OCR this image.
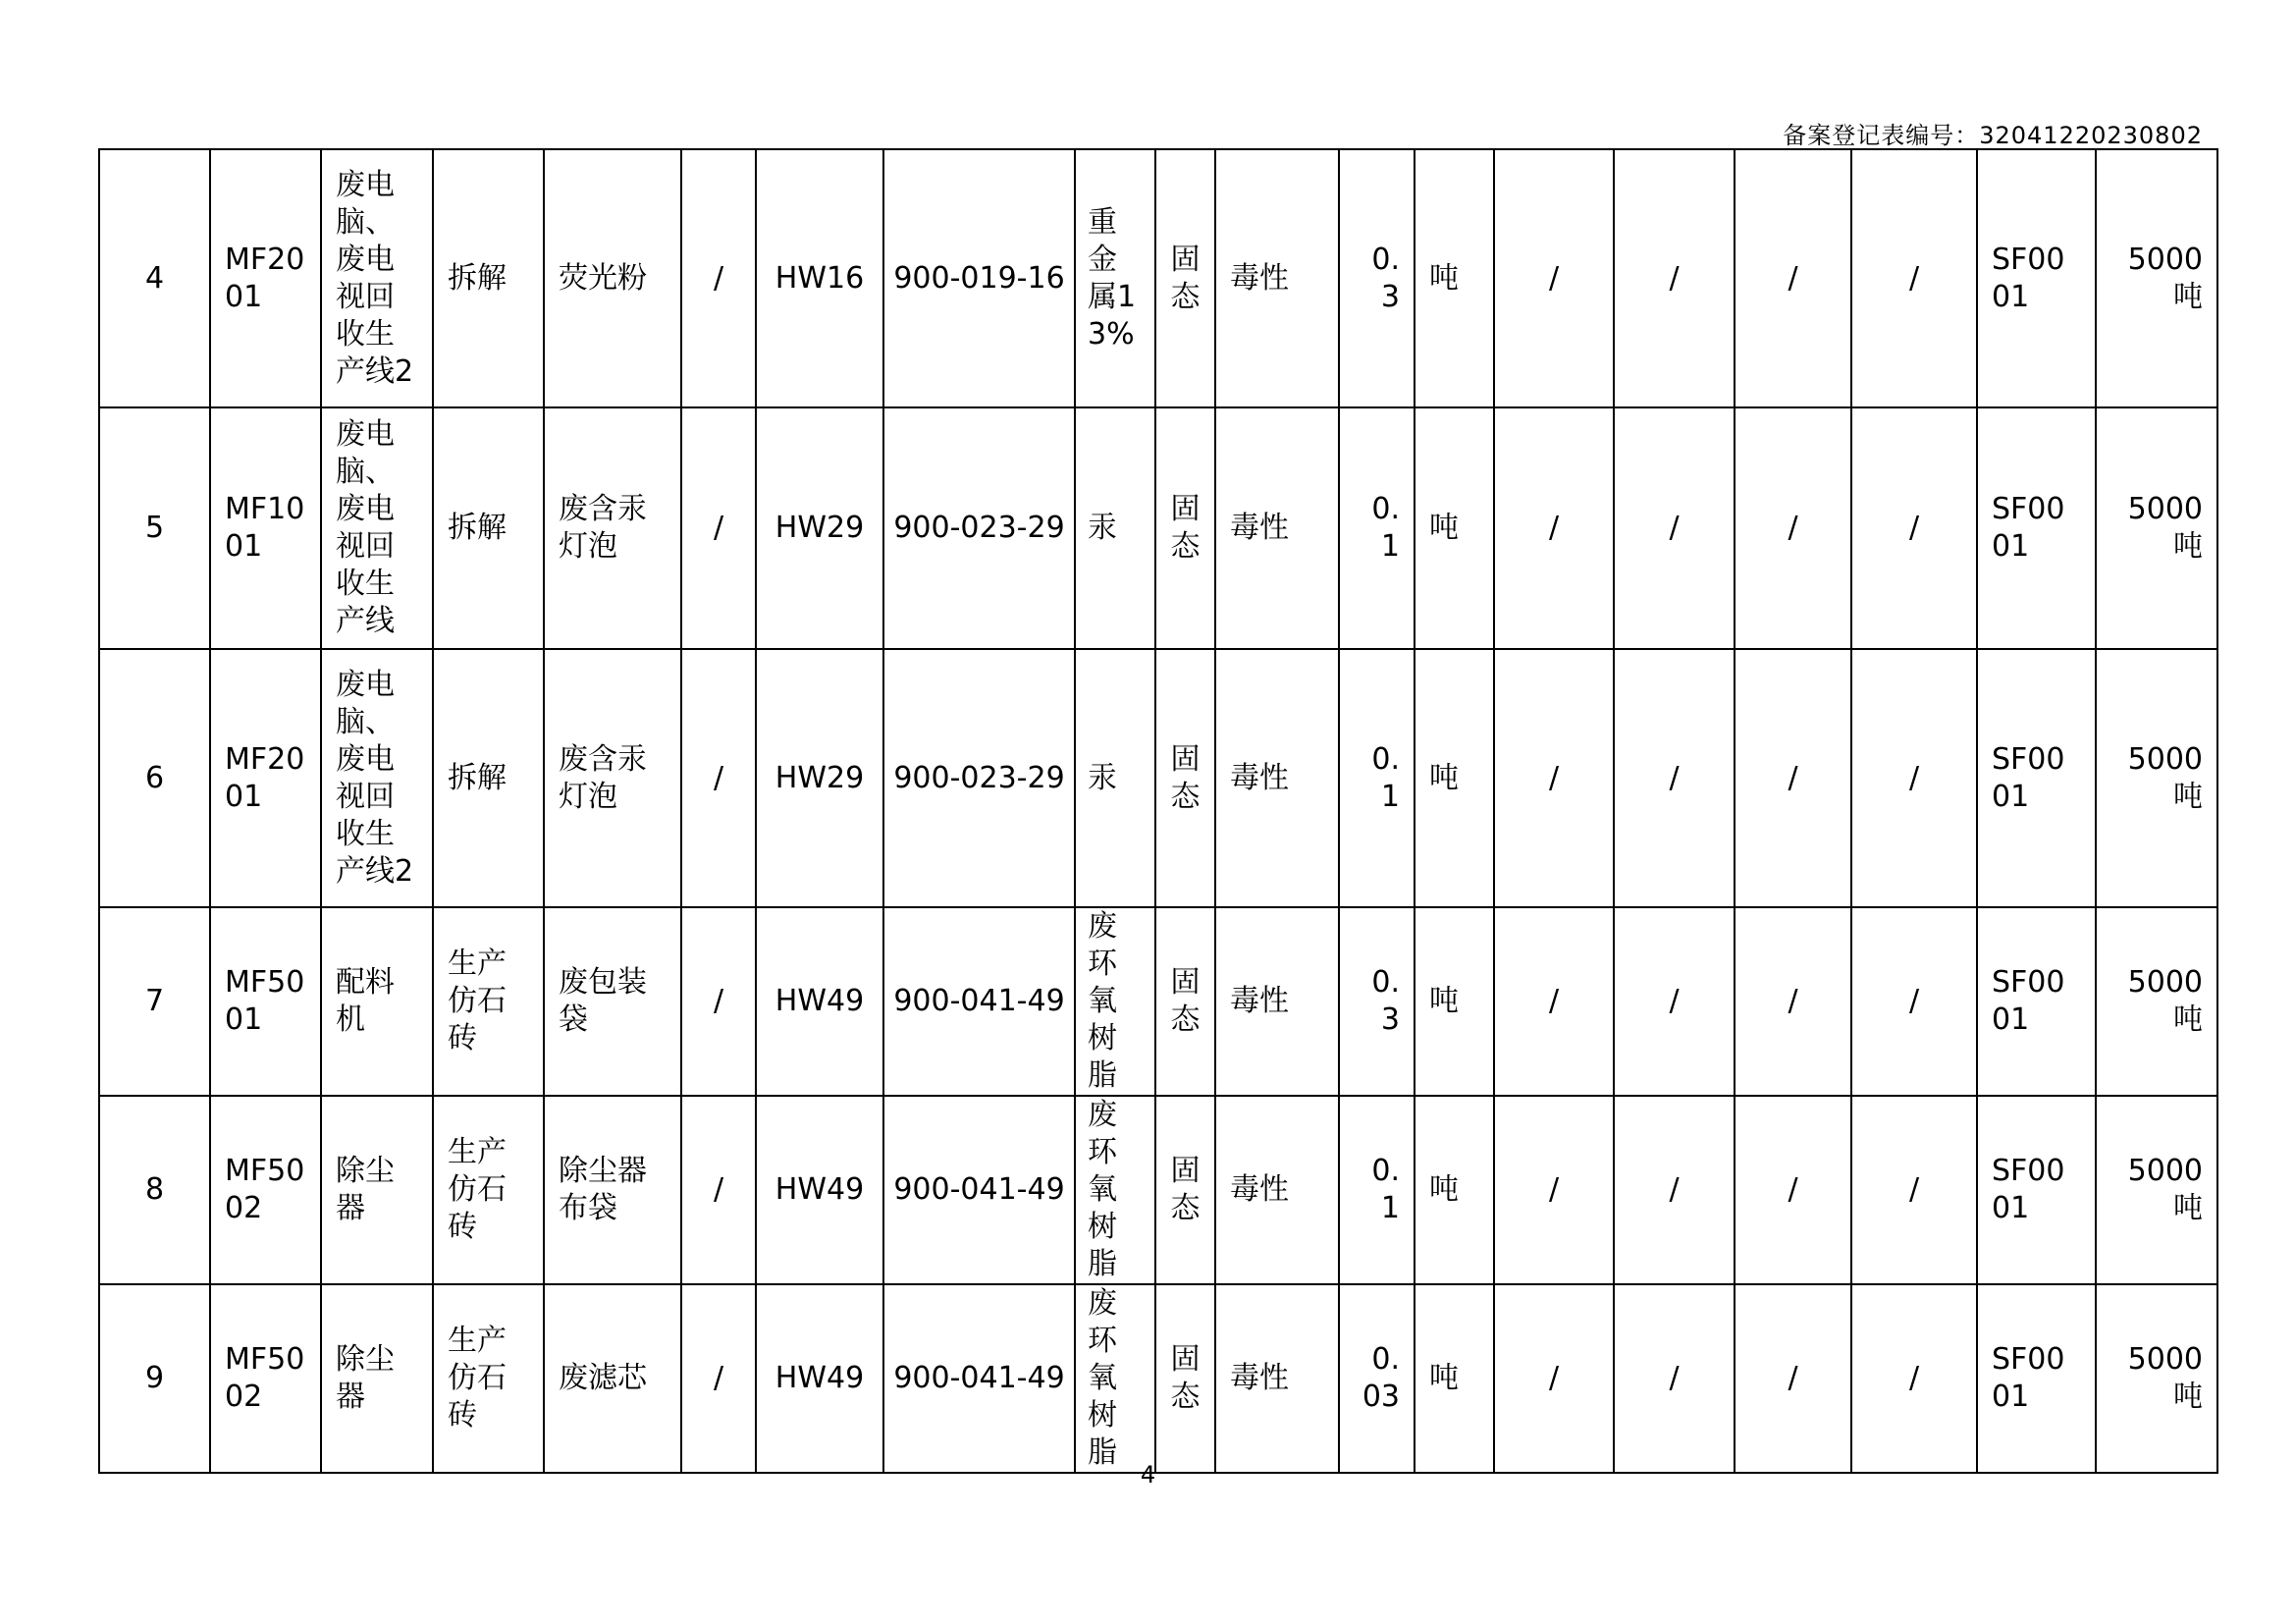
备案登记表编号：32041220230802
4	MF2001	废电脑、废电视回收生产线2	拆解	荧光粉	/	HW16	900-019-16	重金属13%	固态	毒性	0.3	吨	/	/	/	/	SF0001	5000吨
5	MF1001	废电脑、废电视回收生产线	拆解	废含汞灯泡	/	HW29	900-023-29	汞	固态	毒性	0.1	吨	/	/	/	/	SF0001	5000吨
6	MF2001	废电脑、废电视回收生产线2	拆解	废含汞灯泡	/	HW29	900-023-29	汞	固态	毒性	0.1	吨	/	/	/	/	SF0001	5000吨
7	MF5001	配料机	生产仿石砖	废包装袋	/	HW49	900-041-49	废环氧树脂	固态	毒性	0.3	吨	/	/	/	/	SF0001	5000吨
8	MF5002	除尘器	生产仿石砖	除尘器布袋	/	HW49	900-041-49	废环氧树脂	固态	毒性	0.1	吨	/	/	/	/	SF0001	5000吨
9	MF5002	除尘器	生产仿石砖	废滤芯	/	HW49	900-041-49	废环氧树脂	固态	毒性	0.03	吨	/	/	/	/	SF0001	5000吨
4
